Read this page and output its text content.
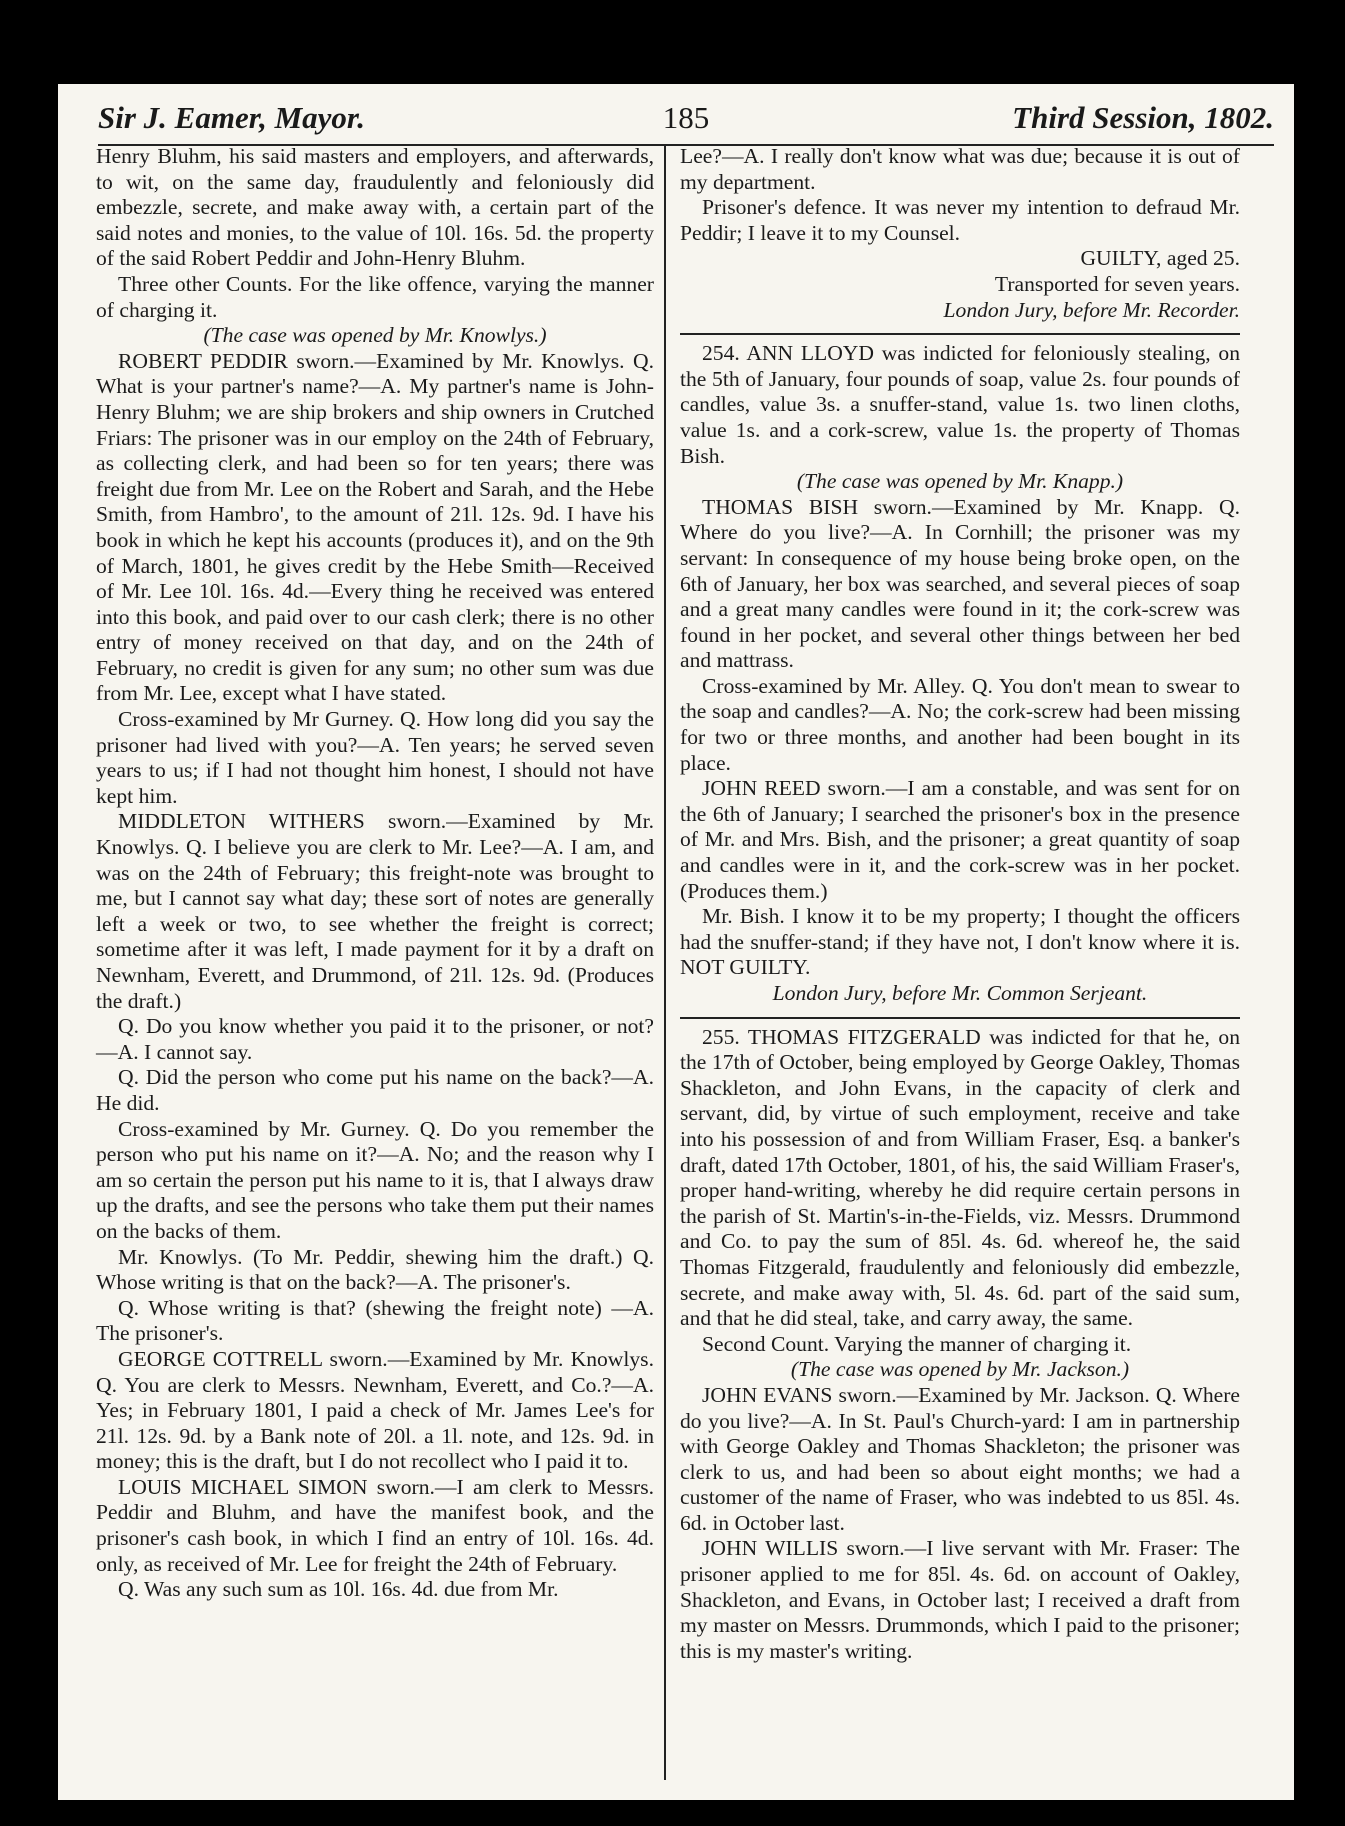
Sir J. Eamer, Mayor.	185	Third Session, 1802.

Henry Bluhm, his said masters and employers, and afterwards, to wit, on the same day, fraudulently and feloniously did embezzle, secrete, and make away with, a certain part of the said notes and monies, to the value of 10l. 16s. 5d. the property of the said Robert Peddir and John-Henry Bluhm.

Three other Counts. For the like offence, varying the manner of charging it.

(The case was opened by Mr. Knowlys.)

ROBERT PEDDIR sworn.—Examined by Mr. Knowlys. Q. What is your partner's name?—A. My partner's name is John-Henry Bluhm; we are ship brokers and ship owners in Crutched Friars: The prisoner was in our employ on the 24th of February, as collecting clerk, and had been so for ten years; there was freight due from Mr. Lee on the Robert and Sarah, and the Hebe Smith, from Hambro', to the amount of 21l. 12s. 9d. I have his book in which he kept his accounts (produces it), and on the 9th of March, 1801, he gives credit by the Hebe Smith—Received of Mr. Lee 10l. 16s. 4d.—Every thing he received was entered into this book, and paid over to our cash clerk; there is no other entry of money received on that day, and on the 24th of February, no credit is given for any sum; no other sum was due from Mr. Lee, except what I have stated.

Cross-examined by Mr Gurney. Q. How long did you say the prisoner had lived with you?—A. Ten years; he served seven years to us; if I had not thought him honest, I should not have kept him.

MIDDLETON WITHERS sworn.—Examined by Mr. Knowlys. Q. I believe you are clerk to Mr. Lee?—A. I am, and was on the 24th of February; this freight-note was brought to me, but I cannot say what day; these sort of notes are generally left a week or two, to see whether the freight is correct; sometime after it was left, I made payment for it by a draft on Newnham, Everett, and Drummond, of 21l. 12s. 9d. (Produces the draft.)

Q. Do you know whether you paid it to the prisoner, or not?—A. I cannot say.

Q. Did the person who come put his name on the back?—A. He did.

Cross-examined by Mr. Gurney. Q. Do you remember the person who put his name on it?—A. No; and the reason why I am so certain the person put his name to it is, that I always draw up the drafts, and see the persons who take them put their names on the backs of them.

Mr. Knowlys. (To Mr. Peddir, shewing him the draft.) Q. Whose writing is that on the back?—A. The prisoner's.

Q. Whose writing is that? (shewing the freight note) —A. The prisoner's.

GEORGE COTTRELL sworn.—Examined by Mr. Knowlys. Q. You are clerk to Messrs. Newnham, Everett, and Co.?—A. Yes; in February 1801, I paid a check of Mr. James Lee's for 21l. 12s. 9d. by a Bank note of 20l. a 1l. note, and 12s. 9d. in money; this is the draft, but I do not recollect who I paid it to.

LOUIS MICHAEL SIMON sworn.—I am clerk to Messrs. Peddir and Bluhm, and have the manifest book, and the prisoner's cash book, in which I find an entry of 10l. 16s. 4d. only, as received of Mr. Lee for freight the 24th of February.

Q. Was any such sum as 10l. 16s. 4d. due from Mr.

Lee?—A. I really don't know what was due; because it is out of my department.

Prisoner's defence. It was never my intention to defraud Mr. Peddir; I leave it to my Counsel.

GUILTY, aged 25.

Transported for seven years.

London Jury, before Mr. Recorder.

254. ANN LLOYD was indicted for feloniously stealing, on the 5th of January, four pounds of soap, value 2s. four pounds of candles, value 3s. a snuffer-stand, value 1s. two linen cloths, value 1s. and a cork-screw, value 1s. the property of Thomas Bish.

(The case was opened by Mr. Knapp.)

THOMAS BISH sworn.—Examined by Mr. Knapp. Q. Where do you live?—A. In Cornhill; the prisoner was my servant: In consequence of my house being broke open, on the 6th of January, her box was searched, and several pieces of soap and a great many candles were found in it; the cork-screw was found in her pocket, and several other things between her bed and mattrass.

Cross-examined by Mr. Alley. Q. You don't mean to swear to the soap and candles?—A. No; the cork-screw had been missing for two or three months, and another had been bought in its place.

JOHN REED sworn.—I am a constable, and was sent for on the 6th of January; I searched the prisoner's box in the presence of Mr. and Mrs. Bish, and the prisoner; a great quantity of soap and candles were in it, and the cork-screw was in her pocket. (Produces them.)

Mr. Bish. I know it to be my property; I thought the officers had the snuffer-stand; if they have not, I don't know where it is. NOT GUILTY.

London Jury, before Mr. Common Serjeant.

255. THOMAS FITZGERALD was indicted for that he, on the 17th of October, being employed by George Oakley, Thomas Shackleton, and John Evans, in the capacity of clerk and servant, did, by virtue of such employment, receive and take into his possession of and from William Fraser, Esq. a banker's draft, dated 17th October, 1801, of his, the said William Fraser's, proper hand-writing, whereby he did require certain persons in the parish of St. Martin's-in-the-Fields, viz. Messrs. Drummond and Co. to pay the sum of 85l. 4s. 6d. whereof he, the said Thomas Fitzgerald, fraudulently and feloniously did embezzle, secrete, and make away with, 5l. 4s. 6d. part of the said sum, and that he did steal, take, and carry away, the same.

Second Count. Varying the manner of charging it.

(The case was opened by Mr. Jackson.)

JOHN EVANS sworn.—Examined by Mr. Jackson. Q. Where do you live?—A. In St. Paul's Church-yard: I am in partnership with George Oakley and Thomas Shackleton; the prisoner was clerk to us, and had been so about eight months; we had a customer of the name of Fraser, who was indebted to us 85l. 4s. 6d. in October last.

JOHN WILLIS sworn.—I live servant with Mr. Fraser: The prisoner applied to me for 85l. 4s. 6d. on account of Oakley, Shackleton, and Evans, in October last; I received a draft from my master on Messrs. Drummonds, which I paid to the prisoner; this is my master's writing.
